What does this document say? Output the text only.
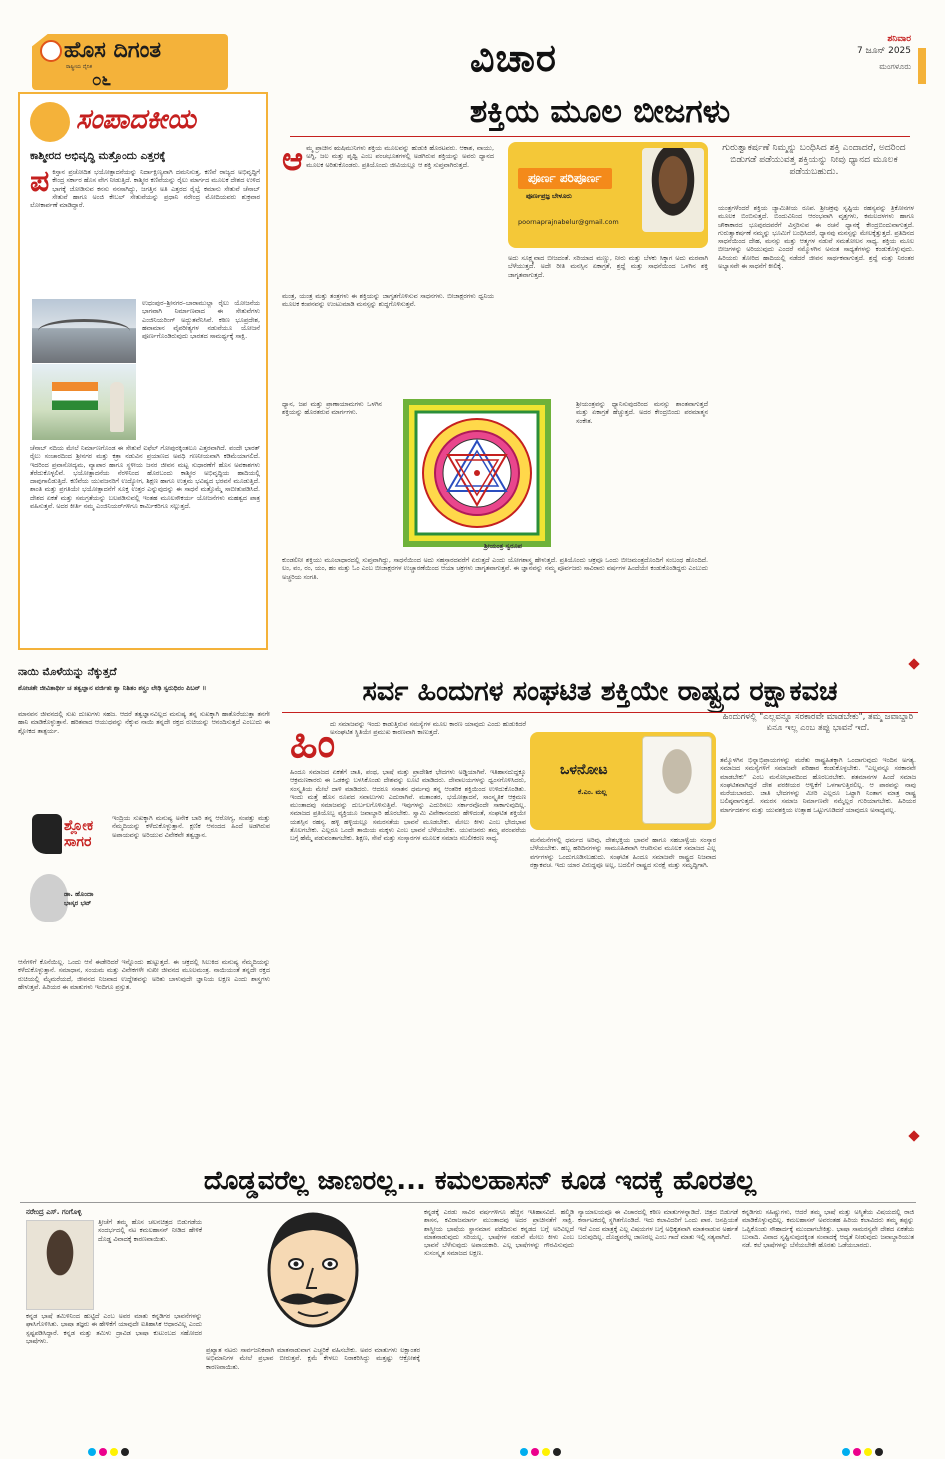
ಹೊಸ ದಿಗಂತ
ರಾಷ್ಟ್ರೀಯ ದೈನಿಕ
೦೬	ವಿಚಾರ	ಶನಿವಾರ
7 ಜೂನ್ 2025
ಮಂಗಳೂರು
ಸಂಪಾದಕೀಯ
ಕಾಶ್ಮೀರದ ಅಭಿವೃದ್ಧಿ ಮತ್ತೊಂದು ಎತ್ತರಕ್ಕೆ
ಪ ಕಿಸ್ತಾನ ಪ್ರಚೋದಿತ ಭಯೋತ್ಪಾದನೆಯನ್ನು ನಿರ್ದಾಕ್ಷಿಣ್ಯವಾಗಿ ದಮನಿಸುತ್ತ, ಕಣಿವೆ ರಾಜ್ಯದ ಅಭಿವೃದ್ಧಿಗೆ ಕೇಂದ್ರ ಸರ್ಕಾರ ಹೊಸ ವೇಗ ನೀಡುತ್ತಿದೆ. ಕಾಶ್ಮೀರ ಕಣಿವೆಯನ್ನು ರೈಲು ಮಾರ್ಗದ ಮೂಲಕ ದೇಶದ ಉಳಿದ ಭಾಗಕ್ಕೆ ಜೋಡಿಸುವ ಕನಸು ನನಸಾಗಿದ್ದು, ಜಗತ್ತಿನ ಅತಿ ಎತ್ತರದ ರೈಲ್ವೆ ಕಮಾನು ಸೇತುವೆ ಚೆನಾಬ್ ಸೇತುವೆ ಹಾಗೂ ಅಂಜಿ ಕೇಬಲ್ ಸೇತುವೆಯನ್ನು ಪ್ರಧಾನಿ ನರೇಂದ್ರ ಮೋದಿಯವರು ಶುಕ್ರವಾರ ಲೋಕಾರ್ಪಣೆ ಮಾಡಿದ್ದಾರೆ.
ಉಧಂಪುರ–ಶ್ರೀನಗರ–ಬಾರಾಮುಲ್ಲಾ ರೈಲು ಯೋಜನೆಯ ಭಾಗವಾಗಿ ನಿರ್ಮಾಣವಾದ ಈ ಸೇತುವೆಗಳು ಎಂಜಿನಿಯರಿಂಗ್ ಅದ್ಭುತವೆನಿಸಿವೆ. ಕಠಿಣ ಭೂಪ್ರದೇಶ, ಹವಾಮಾನ ವೈಪರೀತ್ಯಗಳ ನಡುವೆಯೂ ಯೋಜನೆ ಪೂರ್ಣಗೊಂಡಿರುವುದು ಭಾರತದ ಸಾಮರ್ಥ್ಯಕ್ಕೆ ಸಾಕ್ಷಿ.
ಚೆನಾಬ್ ನದಿಯ ಮೇಲೆ ನಿರ್ಮಾಣಗೊಂಡ ಈ ಸೇತುವೆ ಐಫೆಲ್ ಗೋಪುರಕ್ಕಿಂತಲೂ ಎತ್ತರವಾಗಿದೆ. ವಂದೇ ಭಾರತ್ ರೈಲು ಸಂಚಾರದಿಂದ ಶ್ರೀನಗರ ಮತ್ತು ಕತ್ರಾ ನಡುವಿನ ಪ್ರಯಾಣದ ಅವಧಿ ಗಣನೀಯವಾಗಿ ಕಡಿಮೆಯಾಗಲಿದೆ. ಇದರಿಂದ ಪ್ರವಾಸೋದ್ಯಮ, ವ್ಯಾಪಾರ ಹಾಗೂ ಸ್ಥಳೀಯ ಜನರ ಜೀವನ ಮಟ್ಟ ಸುಧಾರಣೆಗೆ ಹೊಸ ಅವಕಾಶಗಳು ತೆರೆದುಕೊಳ್ಳಲಿವೆ. ಭಯೋತ್ಪಾದನೆಯ ನೆರಳಿನಿಂದ ಹೊರಬಂದು ಕಾಶ್ಮೀರ ಅಭಿವೃದ್ಧಿಯ ಹಾದಿಯಲ್ಲಿ ದಾಪುಗಾಲಿಡುತ್ತಿದೆ. ಕಣಿವೆಯ ಯುವಜನರಿಗೆ ಉದ್ಯೋಗ, ಶಿಕ್ಷಣ ಹಾಗೂ ಉತ್ತಮ ಭವಿಷ್ಯದ ಭರವಸೆ ಮೂಡುತ್ತಿದೆ. ಶಾಂತಿ ಮತ್ತು ಪ್ರಗತಿಯೇ ಭಯೋತ್ಪಾದನೆಗೆ ಸೂಕ್ತ ಉತ್ತರ ಎನ್ನುವುದನ್ನು ಈ ಸಾಧನೆ ಮತ್ತೊಮ್ಮೆ ಸಾಬೀತುಪಡಿಸಿದೆ. ದೇಶದ ಏಕತೆ ಮತ್ತು ಸಮಗ್ರತೆಯನ್ನು ಬಲಪಡಿಸುವಲ್ಲಿ ಇಂತಹ ಮೂಲಸೌಕರ್ಯ ಯೋಜನೆಗಳು ಮಹತ್ವದ ಪಾತ್ರ ವಹಿಸುತ್ತವೆ. ಅದರ ಕೀರ್ತಿ ನಮ್ಮ ಎಂಜಿನಿಯರ್‌ಗಳಿಗೂ ಕಾರ್ಮಿಕರಿಗೂ ಸಲ್ಲುತ್ತದೆ.
ನಾಯಿ ಮೊಳೆಯನ್ನು ನೆಕ್ಕುತ್ತದೆ
ಶೋಚತೇ ಜೀವಿತಾರ್ಥೀ ಚ ತತ್ವಜ್ಞಾನ ವರ್ಜಿತಃ ಶ್ವಾ ನಿಶಿತಂ ಶಸ್ತ್ರಂ ಲೇಢಿ ಸ್ವರುಧಿರಂ ಪಿಬನ್ ॥
ಮಾನವನ ಜೀವನದಲ್ಲಿ ಸುಖ ದುಃಖಗಳು ಸಹಜ. ಆದರೆ ತತ್ವಜ್ಞಾನವಿಲ್ಲದ ಮನುಷ್ಯ ತನ್ನ ಸುಖಕ್ಕಾಗಿ ಹಾತೊರೆಯುತ್ತಾ ತನಗೇ ಹಾನಿ ಮಾಡಿಕೊಳ್ಳುತ್ತಾನೆ. ಹರಿತವಾದ ಆಯುಧವನ್ನು ನೆಕ್ಕುವ ನಾಯಿ ತನ್ನದೇ ರಕ್ತದ ರುಚಿಯನ್ನು ಆನಂದಿಸುತ್ತದೆ ಎಂಬುದು ಈ ಶ್ಲೋಕದ ತಾತ್ಪರ್ಯ.
ಶ್ಲೋಕ ಸಾಗರ
ಡಾ. ಹೊಂದಾ ಭಾಸ್ಕರ ಭಟ್
ಇಂದ್ರಿಯ ಸುಖಕ್ಕಾಗಿ ಮನುಷ್ಯ ಅನೇಕ ಬಾರಿ ತನ್ನ ಆರೋಗ್ಯ, ಸಂಪತ್ತು ಮತ್ತು ನೆಮ್ಮದಿಯನ್ನು ಕಳೆದುಕೊಳ್ಳುತ್ತಾನೆ. ಕ್ಷಣಿಕ ಆನಂದದ ಹಿಂದೆ ಅಡಗಿರುವ ಅಪಾಯವನ್ನು ಅರಿಯುವ ವಿವೇಕವೇ ತತ್ವಜ್ಞಾನ.
ಆಸೆಗಳಿಗೆ ಕೊನೆಯಿಲ್ಲ. ಒಂದು ಆಸೆ ಈಡೇರಿದರೆ ಇನ್ನೊಂದು ಹುಟ್ಟುತ್ತದೆ. ಈ ಚಕ್ರದಲ್ಲಿ ಸಿಲುಕಿದ ಮನುಷ್ಯ ನೆಮ್ಮದಿಯನ್ನು ಕಳೆದುಕೊಳ್ಳುತ್ತಾನೆ. ಸಮಾಧಾನ, ಸಂಯಮ ಮತ್ತು ವಿವೇಕಗಳೇ ಸುಖೀ ಜೀವನದ ಮೂಲಮಂತ್ರ. ನಾಯಿಯಂತೆ ತನ್ನದೇ ರಕ್ತದ ರುಚಿಯಲ್ಲಿ ಮೈಮರೆಯದೆ, ಜೀವನದ ನಿಜವಾದ ಉದ್ದೇಶವನ್ನು ಅರಿತು ಬಾಳುವುದೇ ಜ್ಞಾನಿಯ ಲಕ್ಷಣ ಎಂದು ಶಾಸ್ತ್ರಗಳು ಹೇಳುತ್ತವೆ. ಹಿರಿಯರ ಈ ಮಾತುಗಳು ಇಂದಿಗೂ ಪ್ರಸ್ತುತ.
ಶಕ್ತಿಯ ಮೂಲ ಬೀಜಗಳು
ಗುರುತ್ವಾಕರ್ಷಣೆ ನಿಮ್ಮನ್ನು ಬಂಧಿಸಿದ ಶಕ್ತಿ ಎಂದಾದರೆ, ಅದರಿಂದ ಬಿಡುಗಡೆ ಪಡೆಯುವತ್ತ ಶಕ್ತಿಯನ್ನು ನೀವು ಧ್ಯಾನದ ಮೂಲಕ ಪಡೆಯಬಹುದು.
ಆ ಮ್ಮ ಪ್ರಾಚೀನ ಋಷಿಮುನಿಗಳು ಶಕ್ತಿಯ ಮೂಲವನ್ನು ಹುಡುಕಿ ಹೊರಟವರು. ಆಕಾಶ, ವಾಯು, ಅಗ್ನಿ, ಜಲ ಮತ್ತು ಪೃಥ್ವಿ ಎಂಬ ಪಂಚಭೂತಗಳಲ್ಲಿ ಅಡಗಿರುವ ಶಕ್ತಿಯನ್ನು ಅವರು ಧ್ಯಾನದ ಮೂಲಕ ಅರಿತುಕೊಂಡರು. ಪ್ರತಿಯೊಂದು ಜೀವಿಯಲ್ಲೂ ಆ ಶಕ್ತಿ ಸುಪ್ತವಾಗಿರುತ್ತದೆ.
ಪೂರ್ಣ ಪರಿಪೂರ್ಣ
ಪೂರ್ಣಪ್ರಜ್ಞ ಬೇಳೂರು
poornaprajnabelur@gmail.com
ಅದು ಸೂಕ್ಷ್ಮವಾದ ಬೀಜದಂತೆ. ಸರಿಯಾದ ಮಣ್ಣು, ನೀರು ಮತ್ತು ಬೆಳಕು ಸಿಕ್ಕಾಗ ಅದು ಮರವಾಗಿ ಬೆಳೆಯುತ್ತದೆ. ಅದೇ ರೀತಿ ಮನಸ್ಸಿನ ಏಕಾಗ್ರತೆ, ಶ್ರದ್ಧೆ ಮತ್ತು ಸಾಧನೆಯಿಂದ ಒಳಗಿನ ಶಕ್ತಿ ಜಾಗೃತವಾಗುತ್ತದೆ.
ಮಂತ್ರ, ಯಂತ್ರ ಮತ್ತು ತಂತ್ರಗಳು ಈ ಶಕ್ತಿಯನ್ನು ಜಾಗೃತಗೊಳಿಸುವ ಸಾಧನಗಳು. ಬೀಜಾಕ್ಷರಗಳು ಧ್ವನಿಯ ಮೂಲಕ ಕಂಪನವನ್ನು ಉಂಟುಮಾಡಿ ಮನಸ್ಸನ್ನು ಶುದ್ಧಗೊಳಿಸುತ್ತವೆ.
ಯಂತ್ರಗಳೆಂದರೆ ಶಕ್ತಿಯ ಜ್ಯಾಮಿತೀಯ ರೂಪ. ಶ್ರೀಚಕ್ರವು ಸೃಷ್ಟಿಯ ರಹಸ್ಯವನ್ನು ತ್ರಿಕೋನಗಳ ಮೂಲಕ ಬಿಂಬಿಸುತ್ತದೆ. ಬಿಂದುವಿನಿಂದ ಆರಂಭವಾಗಿ ವೃತ್ತಗಳು, ಕಮಲದಳಗಳು ಹಾಗೂ ಚೌಕಾಕಾರದ ಭೂಪುರದವರೆಗೆ ವಿಸ್ತರಿಸುವ ಈ ರಚನೆ ಧ್ಯಾನಕ್ಕೆ ಕೇಂದ್ರಬಿಂದುವಾಗುತ್ತದೆ. ಗುರುತ್ವಾಕರ್ಷಣೆ ನಮ್ಮನ್ನು ಭೂಮಿಗೆ ಬಂಧಿಸಿದರೆ, ಧ್ಯಾನವು ಮನಸ್ಸನ್ನು ಮೇಲಕ್ಕೆತ್ತುತ್ತದೆ. ಪ್ರತಿದಿನದ ಸಾಧನೆಯಿಂದ ದೇಹ, ಮನಸ್ಸು ಮತ್ತು ಆತ್ಮಗಳ ನಡುವೆ ಸಮತೋಲನ ಸಾಧ್ಯ. ಶಕ್ತಿಯ ಮೂಲ ಬೀಜಗಳನ್ನು ಅರಿಯುವುದು ಎಂದರೆ ನಮ್ಮೊಳಗಿನ ಅನಂತ ಸಾಧ್ಯತೆಗಳನ್ನು ಕಂಡುಕೊಳ್ಳುವುದು. ಹಿರಿಯರು ತೋರಿದ ಹಾದಿಯಲ್ಲಿ ನಡೆದರೆ ಜೀವನ ಸಾರ್ಥಕವಾಗುತ್ತದೆ. ಶ್ರದ್ಧೆ ಮತ್ತು ನಿರಂತರ ಅಭ್ಯಾಸವೇ ಈ ಸಾಧನೆಗೆ ಕೀಲಿಕೈ.
ಶ್ರೀಯಂತ್ರ ಸ್ವರೂಪ
ಧ್ಯಾನ, ಜಪ ಮತ್ತು ಪ್ರಾಣಾಯಾಮಗಳು ಒಳಗಿನ ಶಕ್ತಿಯನ್ನು ಹೊರತರುವ ಮಾರ್ಗಗಳು.
ಶ್ರೀಯಂತ್ರವನ್ನು ಧ್ಯಾನಿಸುವುದರಿಂದ ಮನಸ್ಸು ಶಾಂತವಾಗುತ್ತದೆ ಮತ್ತು ಏಕಾಗ್ರತೆ ಹೆಚ್ಚುತ್ತದೆ. ಅದರ ಕೇಂದ್ರಬಿಂದು ಪರಮಾತ್ಮನ ಸಂಕೇತ.
ಕುಂಡಲಿನೀ ಶಕ್ತಿಯು ಮೂಲಾಧಾರದಲ್ಲಿ ಸುಪ್ತವಾಗಿದ್ದು, ಸಾಧನೆಯಿಂದ ಅದು ಸಹಸ್ರಾರದವರೆಗೆ ಏರುತ್ತದೆ ಎಂದು ಯೋಗಶಾಸ್ತ್ರ ಹೇಳುತ್ತದೆ. ಪ್ರತಿಯೊಂದು ಚಕ್ರವೂ ಒಂದು ಬೀಜಮಂತ್ರದೊಂದಿಗೆ ಸಂಬಂಧ ಹೊಂದಿದೆ. ಲಂ, ವಂ, ರಂ, ಯಂ, ಹಂ ಮತ್ತು ಓಂ ಎಂಬ ಬೀಜಾಕ್ಷರಗಳ ಉಚ್ಚಾರಣೆಯಿಂದ ಆಯಾ ಚಕ್ರಗಳು ಜಾಗೃತವಾಗುತ್ತವೆ. ಈ ಜ್ಞಾನವನ್ನು ನಮ್ಮ ಪೂರ್ವಜರು ಸಾವಿರಾರು ವರ್ಷಗಳ ಹಿಂದೆಯೇ ಕಂಡುಕೊಂಡಿದ್ದರು ಎಂಬುದು ಅಚ್ಚರಿಯ ಸಂಗತಿ.
ಸರ್ವ ಹಿಂದುಗಳ ಸಂಘಟಿತ ಶಕ್ತಿಯೇ ರಾಷ್ಟ್ರದ ರಕ್ಷಾಕವಚ
ಹಿಂ
ದು ಸಮಾಜವನ್ನು ಇಂದು ಕಾಡುತ್ತಿರುವ ಸಮಸ್ಯೆಗಳ ಮೂಲ ಕಾರಣ ಯಾವುದು ಎಂದು ಹುಡುಕಿದರೆ ಅಸಂಘಟಿತ ಸ್ಥಿತಿಯೇ ಪ್ರಮುಖ ಕಾರಣವಾಗಿ ಕಾಣುತ್ತದೆ.
ಹಿಂದೂ ಸಮಾಜದ ಏಕತೆಗೆ ಜಾತಿ, ಪಂಥ, ಭಾಷೆ ಮತ್ತು ಪ್ರಾದೇಶಿಕ ಭೇದಗಳು ಅಡ್ಡಿಯಾಗಿವೆ. ಇತಿಹಾಸದುದ್ದಕ್ಕೂ ಆಕ್ರಮಣಕಾರರು ಈ ಒಡಕನ್ನು ಬಳಸಿಕೊಂಡು ದೇಶವನ್ನು ಲೂಟಿ ಮಾಡಿದರು. ದೇವಾಲಯಗಳನ್ನು ಧ್ವಂಸಗೊಳಿಸಿದರು, ಸಂಸ್ಕೃತಿಯ ಮೇಲೆ ದಾಳಿ ಮಾಡಿದರು. ಆದರೂ ಸನಾತನ ಧರ್ಮವು ತನ್ನ ಆಂತರಿಕ ಶಕ್ತಿಯಿಂದ ಉಳಿದುಕೊಂಡಿತು. ಇಂದು ಮತ್ತೆ ಹೊಸ ರೂಪದ ಸವಾಲುಗಳು ಎದುರಾಗಿವೆ. ಮತಾಂತರ, ಭಯೋತ್ಪಾದನೆ, ಸಾಂಸ್ಕೃತಿಕ ಆಕ್ರಮಣ ಮುಂತಾದವು ಸಮಾಜವನ್ನು ದುರ್ಬಲಗೊಳಿಸುತ್ತಿವೆ. ಇವುಗಳನ್ನು ಎದುರಿಸಲು ಸರ್ಕಾರವೊಂದೇ ಸಾಕಾಗುವುದಿಲ್ಲ. ಸಮಾಜದ ಪ್ರತಿಯೊಬ್ಬ ವ್ಯಕ್ತಿಯೂ ಜವಾಬ್ದಾರಿ ಹೊರಬೇಕು. ಸ್ವಾಮಿ ವಿವೇಕಾನಂದರು ಹೇಳಿದಂತೆ, ಸಂಘಟಿತ ಶಕ್ತಿಯೇ ಯಶಸ್ಸಿನ ರಹಸ್ಯ. ಹಳ್ಳಿ ಹಳ್ಳಿಯಲ್ಲೂ ಸಮರಸತೆಯ ಭಾವನೆ ಮೂಡಬೇಕು. ಮೇಲು ಕೀಳು ಎಂಬ ಭೇದಭಾವ ತೊಲಗಬೇಕು. ಎಲ್ಲರೂ ಒಂದೇ ತಾಯಿಯ ಮಕ್ಕಳು ಎಂಬ ಭಾವನೆ ಬೆಳೆಯಬೇಕು. ಯುವಜನರು ತಮ್ಮ ಪರಂಪರೆಯ ಬಗ್ಗೆ ಹೆಮ್ಮೆ ಪಡುವಂತಾಗಬೇಕು. ಶಿಕ್ಷಣ, ಸೇವೆ ಮತ್ತು ಸಂಸ್ಕಾರಗಳ ಮೂಲಕ ಸಮಾಜ ಸಬಲೀಕರಣ ಸಾಧ್ಯ.
ಹಿಂದುಗಳಲ್ಲಿ "ಎಲ್ಲವನ್ನೂ ಸರಕಾರವೇ ಮಾಡಬೇಕು", ತಮ್ಮ ಜವಾಬ್ದಾರಿ ಏನೂ ಇಲ್ಲ ಎಂಬ ತಪ್ಪು ಭಾವನೆ ಇದೆ.
ಒಳನೋಟ
ಕೆ.ಎಂ. ಮಲ್ಲ
ಮನೆಮನೆಗಳಲ್ಲಿ ಧರ್ಮದ ಅರಿವು, ದೇಶಭಕ್ತಿಯ ಭಾವನೆ ಹಾಗೂ ಸಹಬಾಳ್ವೆಯ ಸಂಸ್ಕಾರ ಬೆಳೆಯಬೇಕು. ಹಬ್ಬ ಹರಿದಿನಗಳನ್ನು ಸಾಮೂಹಿಕವಾಗಿ ಆಚರಿಸುವ ಮೂಲಕ ಸಮಾಜದ ಎಲ್ಲ ವರ್ಗಗಳನ್ನು ಒಂದುಗೂಡಿಸಬಹುದು. ಸಂಘಟಿತ ಹಿಂದೂ ಸಮಾಜವೇ ರಾಷ್ಟ್ರದ ನಿಜವಾದ ರಕ್ಷಾಕವಚ. ಇದು ಯಾರ ವಿರುದ್ಧವೂ ಅಲ್ಲ, ಬದಲಿಗೆ ರಾಷ್ಟ್ರದ ಸುರಕ್ಷೆ ಮತ್ತು ಸಮೃದ್ಧಿಗಾಗಿ.
ತಮ್ಮೊಳಗಿನ ಭಿನ್ನಾಭಿಪ್ರಾಯಗಳನ್ನು ಮರೆತು ರಾಷ್ಟ್ರಹಿತಕ್ಕಾಗಿ ಒಂದಾಗುವುದು ಇಂದಿನ ಅಗತ್ಯ. ಸಮಾಜದ ಸಮಸ್ಯೆಗಳಿಗೆ ಸಮಾಜವೇ ಪರಿಹಾರ ಕಂಡುಕೊಳ್ಳಬೇಕು. "ಎಲ್ಲವನ್ನೂ ಸರಕಾರವೇ ಮಾಡಬೇಕು" ಎಂಬ ಮನೋಭಾವದಿಂದ ಹೊರಬರಬೇಕು. ಶತಮಾನಗಳ ಹಿಂದೆ ಸಮಾಜ ಸಂಘಟಿತವಾಗಿದ್ದರೆ ದೇಶ ಪರಕೀಯರ ಆಳ್ವಿಕೆಗೆ ಒಳಗಾಗುತ್ತಿರಲಿಲ್ಲ. ಆ ಪಾಠವನ್ನು ನಾವು ಮರೆಯಬಾರದು. ಜಾತಿ ಭೇದಗಳನ್ನು ಮೀರಿ ಎಲ್ಲರೂ ಒಟ್ಟಾಗಿ ನಿಂತಾಗ ಮಾತ್ರ ರಾಷ್ಟ್ರ ಬಲಿಷ್ಠವಾಗುತ್ತದೆ. ಸಮರಸ ಸಮಾಜ ನಿರ್ಮಾಣವೇ ನಮ್ಮೆಲ್ಲರ ಗುರಿಯಾಗಬೇಕು. ಹಿರಿಯರ ಮಾರ್ಗದರ್ಶನ ಮತ್ತು ಯುವಶಕ್ತಿಯ ಉತ್ಸಾಹ ಒಟ್ಟುಗೂಡಿದರೆ ಯಾವುದೂ ಅಸಾಧ್ಯವಲ್ಲ.
ದೊಡ್ಡವರೆಲ್ಲ ಜಾಣರಲ್ಲ... ಕಮಲಹಾಸನ್ ಕೂಡ ಇದಕ್ಕೆ ಹೊರತಲ್ಲ
ನರೇಂದ್ರ ಎಸ್. ಗಂಗೊಳ್ಳಿ
ತ್ತೀಚೆಗೆ ತಮ್ಮ ಹೊಸ ಚಲನಚಿತ್ರದ ಬಿಡುಗಡೆಯ ಸಂದರ್ಭದಲ್ಲಿ ನಟ ಕಮಲಹಾಸನ್ ನೀಡಿದ ಹೇಳಿಕೆ ದೊಡ್ಡ ವಿವಾದಕ್ಕೆ ಕಾರಣವಾಯಿತು.
ಕನ್ನಡ ಭಾಷೆ ತಮಿಳಿನಿಂದ ಹುಟ್ಟಿದೆ ಎಂಬ ಅವರ ಮಾತು ಕನ್ನಡಿಗರ ಭಾವನೆಗಳನ್ನು ಘಾಸಿಗೊಳಿಸಿತು. ಭಾಷಾ ತಜ್ಞರು ಈ ಹೇಳಿಕೆಗೆ ಯಾವುದೇ ಐತಿಹಾಸಿಕ ಆಧಾರವಿಲ್ಲ ಎಂದು ಸ್ಪಷ್ಟಪಡಿಸಿದ್ದಾರೆ. ಕನ್ನಡ ಮತ್ತು ತಮಿಳು ದ್ರಾವಿಡ ಭಾಷಾ ಕುಟುಂಬದ ಸಹೋದರ ಭಾಷೆಗಳು.
ಪ್ರಖ್ಯಾತ ನಟರು ಸಾರ್ವಜನಿಕವಾಗಿ ಮಾತನಾಡುವಾಗ ಎಚ್ಚರಿಕೆ ವಹಿಸಬೇಕು. ಅವರ ಮಾತುಗಳು ಲಕ್ಷಾಂತರ ಅಭಿಮಾನಿಗಳ ಮೇಲೆ ಪ್ರಭಾವ ಬೀರುತ್ತವೆ. ಕ್ಷಮೆ ಕೇಳಲು ನಿರಾಕರಿಸಿದ್ದು ಮತ್ತಷ್ಟು ಆಕ್ರೋಶಕ್ಕೆ ಕಾರಣವಾಯಿತು.
ಕನ್ನಡಕ್ಕೆ ಎರಡು ಸಾವಿರ ವರ್ಷಗಳಿಗೂ ಹೆಚ್ಚಿನ ಇತಿಹಾಸವಿದೆ. ಹಲ್ಮಿಡಿ ಶಾಸನ, ಕವಿರಾಜಮಾರ್ಗ ಮುಂತಾದವು ಅದರ ಪ್ರಾಚೀನತೆಗೆ ಸಾಕ್ಷಿ. ಶಾಸ್ತ್ರೀಯ ಭಾಷೆಯ ಸ್ಥಾನಮಾನ ಪಡೆದಿರುವ ಕನ್ನಡದ ಬಗ್ಗೆ ಅರಿವಿಲ್ಲದೆ ಮಾತನಾಡುವುದು ಸರಿಯಲ್ಲ. ಭಾಷೆಗಳ ನಡುವೆ ಮೇಲು ಕೀಳು ಎಂಬ ಭಾವನೆ ಬೆಳೆಸುವುದು ಅಪಾಯಕಾರಿ. ಎಲ್ಲ ಭಾಷೆಗಳನ್ನು ಗೌರವಿಸುವುದು ಸುಸಂಸ್ಕೃತ ಸಮಾಜದ ಲಕ್ಷಣ.
ನ್ಯಾಯಾಲಯವೂ ಈ ವಿಚಾರದಲ್ಲಿ ಕಠಿಣ ಮಾತುಗಳನ್ನಾಡಿದೆ. ಚಿತ್ರದ ಬಿಡುಗಡೆ ಕರ್ನಾಟಕದಲ್ಲಿ ಸ್ಥಗಿತಗೊಂಡಿದೆ. ಇದು ಕಲಾವಿದರಿಗೆ ಒಂದು ಪಾಠ. ಜನಪ್ರಿಯತೆ ಇದೆ ಎಂದ ಮಾತ್ರಕ್ಕೆ ಎಲ್ಲ ವಿಷಯಗಳ ಬಗ್ಗೆ ಅಧಿಕೃತವಾಗಿ ಮಾತನಾಡುವ ಅರ್ಹತೆ ಬರುವುದಿಲ್ಲ. ದೊಡ್ಡವರೆಲ್ಲ ಜಾಣರಲ್ಲ ಎಂಬ ಗಾದೆ ಮಾತು ಇಲ್ಲಿ ಸತ್ಯವಾಗಿದೆ.
ಕನ್ನಡಿಗರು ಸಹಿಷ್ಣುಗಳು, ಆದರೆ ತಮ್ಮ ಭಾಷೆ ಮತ್ತು ಅಸ್ಮಿತೆಯ ವಿಷಯದಲ್ಲಿ ರಾಜಿ ಮಾಡಿಕೊಳ್ಳುವುದಿಲ್ಲ. ಕಮಲಹಾಸನ್ ಅವರಂತಹ ಹಿರಿಯ ಕಲಾವಿದರು ತಮ್ಮ ತಪ್ಪನ್ನು ಒಪ್ಪಿಕೊಂಡು ಸೌಹಾರ್ದಕ್ಕೆ ಮುಂದಾಗಬೇಕಿತ್ತು. ಭಾಷಾ ಸಾಮರಸ್ಯವೇ ದೇಶದ ಏಕತೆಯ ಬುನಾದಿ. ವಿವಾದ ಸೃಷ್ಟಿಸುವುದಕ್ಕಿಂತ ಸಂವಾದಕ್ಕೆ ಆದ್ಯತೆ ನೀಡುವುದು ಜವಾಬ್ದಾರಿಯುತ ನಡೆ. ಕಲೆ ಭಾಷೆಗಳನ್ನು ಬೆಸೆಯಬೇಕೇ ಹೊರತು ಒಡೆಯಬಾರದು.
